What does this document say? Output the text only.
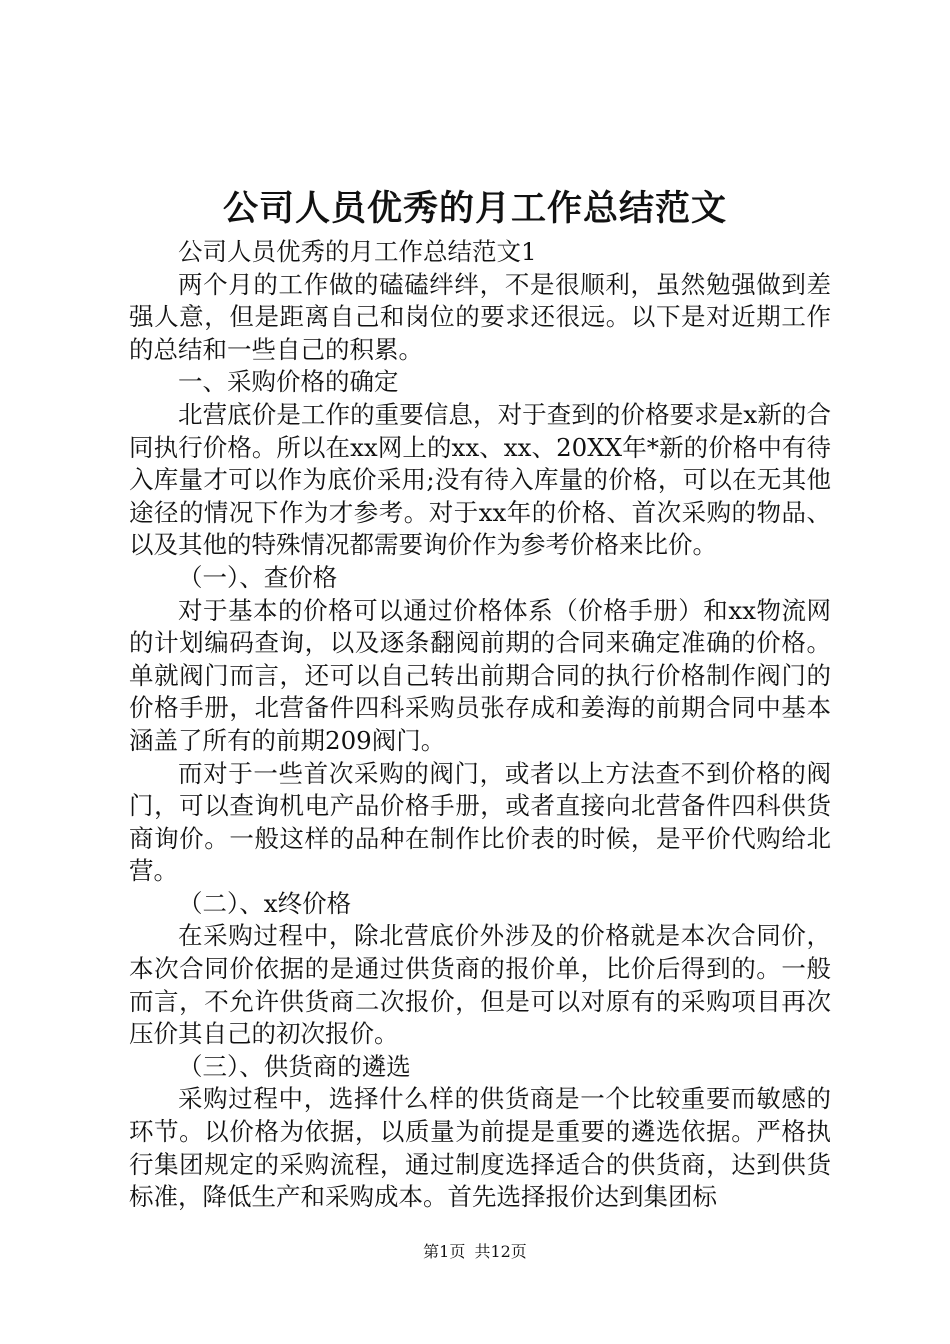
公司人员优秀的月工作总结范文

公司人员优秀的月工作总结范文1

两个月的工作做的磕磕绊绊，不是很顺利，虽然勉强做到差强人意，但是距离自己和岗位的要求还很远。以下是对近期工作的总结和一些自己的积累。

一、采购价格的确定

北营底价是工作的重要信息，对于查到的价格要求是x新的合同执行价格。所以在xx网上的xx、xx、20XX年*新的价格中有待入库量才可以作为底价采用;没有待入库量的价格，可以在无其他途径的情况下作为才参考。对于xx年的价格、首次采购的物品、以及其他的特殊情况都需要询价作为参考价格来比价。

（一）、查价格

对于基本的价格可以通过价格体系（价格手册）和xx物流网的计划编码查询，以及逐条翻阅前期的合同来确定准确的价格。单就阀门而言，还可以自己转出前期合同的执行价格制作阀门的价格手册，北营备件四科采购员张存成和姜海的前期合同中基本涵盖了所有的前期209阀门。

而对于一些首次采购的阀门，或者以上方法查不到价格的阀门，可以查询机电产品价格手册，或者直接向北营备件四科供货商询价。一般这样的品种在制作比价表的时候，是平价代购给北营。

（二）、x终价格

在采购过程中，除北营底价外涉及的价格就是本次合同价，本次合同价依据的是通过供货商的报价单，比价后得到的。一般而言，不允许供货商二次报价，但是可以对原有的采购项目再次压价其自己的初次报价。

（三）、供货商的遴选

采购过程中，选择什么样的供货商是一个比较重要而敏感的环节。以价格为依据，以质量为前提是重要的遴选依据。严格执行集团规定的采购流程，通过制度选择适合的供货商，达到供货标准，降低生产和采购成本。首先选择报价达到集团标

第1页 共12页
